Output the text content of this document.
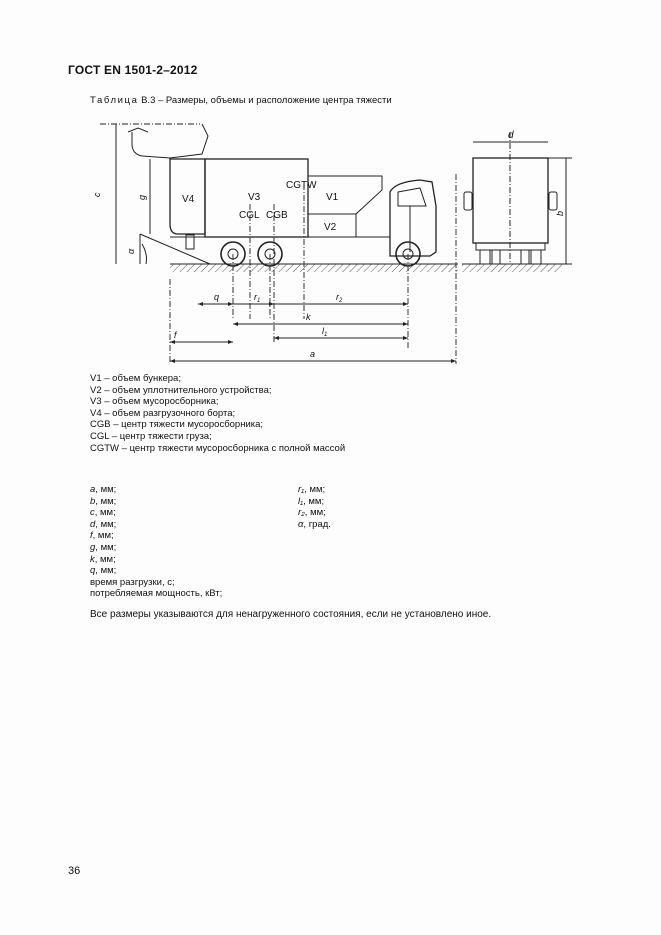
ГОСТ EN 1501-2–2012
Таблица В.3 – Размеры, объемы и расположение центра тяжести
V4	V3
CGTW
V1
CGL CGB
V2
d
c
g
α
b
q	$r_1$	$r_2$
k
$l_1$
f
a
V1 – объем бункера;
V2 – объем уплотнительного устройства;
V3 – объем мусоросборника;
V4 – объем разгрузочного борта;
CGB – центр тяжести мусоросборника;
CGL – центр тяжести груза;
CGTW – центр тяжести мусоросборника с полной массой
a, мм;
b, мм;
c, мм;
d, мм;
f, мм;
g, мм;
k, мм;
q, мм;
время разгрузки, с;
потребляемая мощность, кВт;
r₁, мм;
l₁, мм;
r₂, мм;
α, град.
Все размеры указываются для ненагруженного состояния, если не установлено иное.
36
